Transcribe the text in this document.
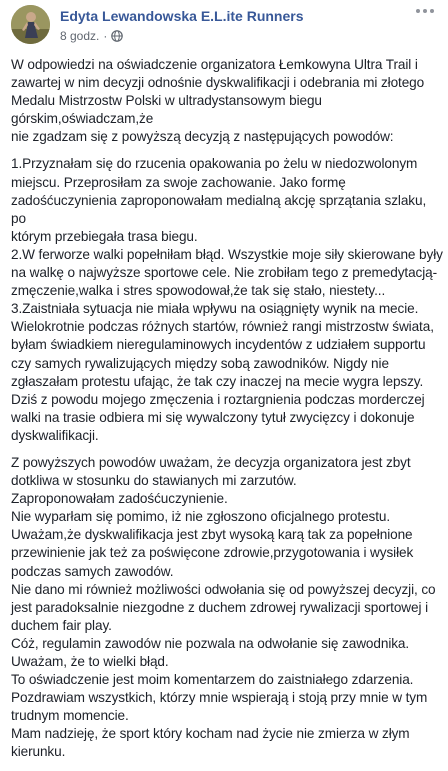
Edyta Lewandowska E.L.ite Runners
8 godz. ·

W odpowiedzi na oświadczenie organizatora Łemkowyna Ultra Trail i
zawartej w nim decyzji odnośnie dyskwalifikacji i odebrania mi złotego
Medalu Mistrzostw Polski w ultradystansowym biegu
górskim,oświadczam,że
nie zgadzam się z powyższą decyzją z następujących powodów:

1.Przyznałam się do rzucenia opakowania po żelu w niedozwolonym
miejscu. Przeprosiłam za swoje zachowanie. Jako formę
zadośćuczynienia zaproponowałam medialną akcję sprzątania szlaku, po
którym przebiegała trasa biegu.
2.W ferworze walki popełniłam błąd. Wszystkie moje siły skierowane były
na walkę o najwyższe sportowe cele. Nie zrobiłam tego z premedytacją-
zmęczenie,walka i stres spowodował,że tak się stało, niestety...
3.Zaistniała sytuacja nie miała wpływu na osiągnięty wynik na mecie.
Wielokrotnie podczas różnych startów, również rangi mistrzostw świata,
byłam świadkiem nieregulaminowych incydentów z udziałem supportu
czy samych rywalizujących między sobą zawodników. Nigdy nie
zgłaszałam protestu ufając, że tak czy inaczej na mecie wygra lepszy.
Dziś z powodu mojego zmęczenia i roztargnienia podczas morderczej
walki na trasie odbiera mi się wywalczony tytuł zwycięzcy i dokonuje
dyskwalifikacji.

Z powyższych powodów uważam, że decyzja organizatora jest zbyt
dotkliwa w stosunku do stawianych mi zarzutów.
Zaproponowałam zadośćuczynienie.
Nie wyparłam się pomimo, iż nie zgłoszono oficjalnego protestu.
Uważam,że dyskwalifikacja jest zbyt wysoką karą tak za popełnione
przewinienie jak też za poświęcone zdrowie,przygotowania i wysiłek
podczas samych zawodów.
Nie dano mi również możliwości odwołania się od powyższej decyzji, co
jest paradoksalnie niezgodne z duchem zdrowej rywalizacji sportowej i
duchem fair play.
Cóż, regulamin zawodów nie pozwala na odwołanie się zawodnika.
Uważam, że to wielki błąd.
To oświadczenie jest moim komentarzem do zaistniałego zdarzenia.
Pozdrawiam wszystkich, którzy mnie wspierają i stoją przy mnie w tym
trudnym momencie.
Mam nadzieję, że sport który kocham nad życie nie zmierza w złym
kierunku.
